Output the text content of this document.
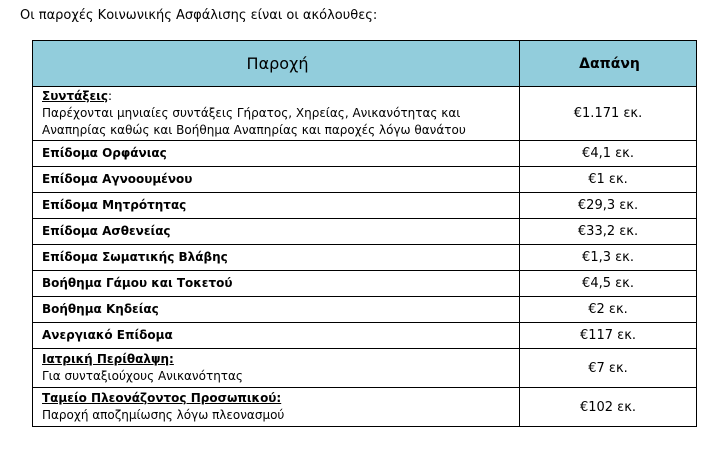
Οι παροχές Κοινωνικής Ασφάλισης είναι οι ακόλουθες:
Παροχή	Δαπάνη

Συντάξεις:
Παρέχονται μηνιαίες συντάξεις Γήρατος, Χηρείας, Ανικανότητας και Αναπηρίας καθώς και Βοήθημα Αναπηρίας και παροχές λόγω θανάτου	€1.171 εκ.
Επίδομα Ορφάνιας	€4,1 εκ.
Επίδομα Αγνοουμένου	€1 εκ.
Επίδομα Μητρότητας	€29,3 εκ.
Επίδομα Ασθενείας	€33,2 εκ.
Επίδομα Σωματικής Βλάβης	€1,3 εκ.
Βοήθημα Γάμου και Τοκετού	€4,5 εκ.
Βοήθημα Κηδείας	€2 εκ.
Ανεργιακό Επίδομα	€117 εκ.

Ιατρική Περίθαλψη:
Για συνταξιούχους Ανικανότητας	€7 εκ.

Ταμείο Πλεονάζοντος Προσωπικού:
Παροχή αποζημίωσης λόγω πλεονασμού	€102 εκ.
